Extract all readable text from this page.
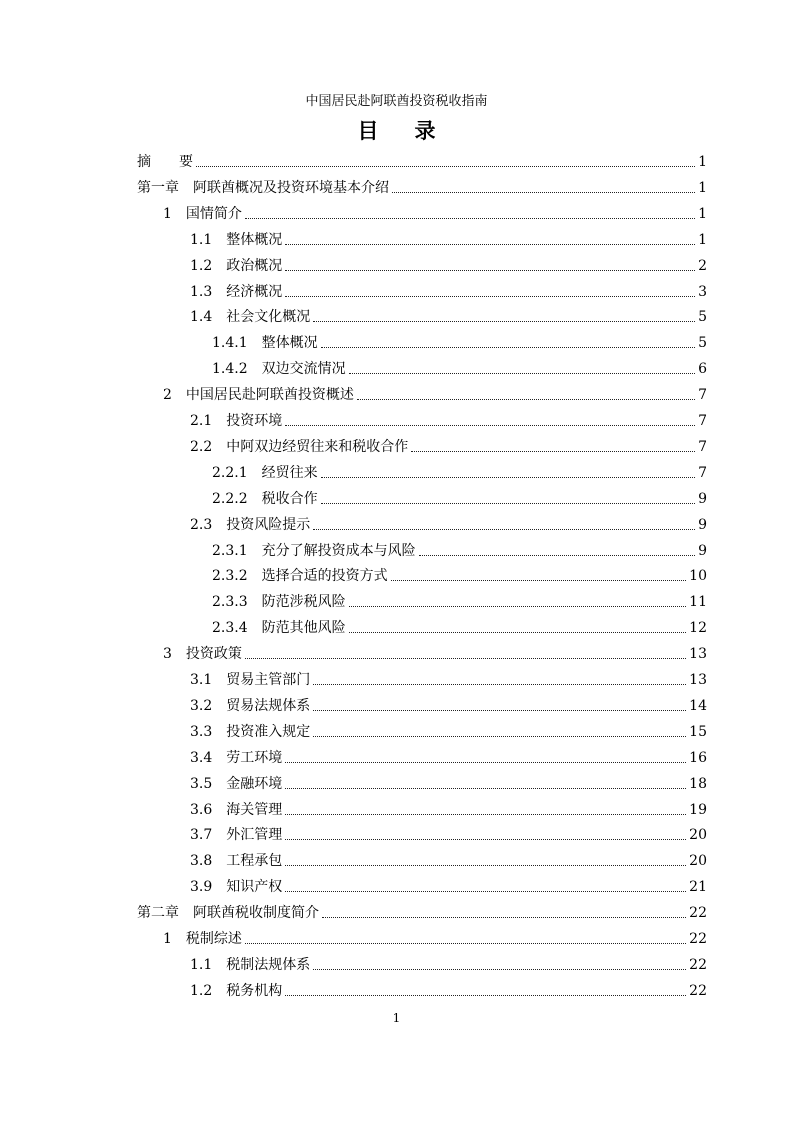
中国居民赴阿联酋投资税收指南
目 录
摘　　要	1
第一章　 阿联酋概况及投资环境基本介绍	1
1　 国情简介	1
1.1　 整体概况	1
1.2　 政治概况	2
1.3　 经济概况	3
1.4　 社会文化概况	5
1.4.1　 整体概况	5
1.4.2　 双边交流情况	6
2　 中国居民赴阿联酋投资概述	7
2.1　 投资环境	7
2.2　 中阿双边经贸往来和税收合作	7
2.2.1　 经贸往来	7
2.2.2　 税收合作	9
2.3　 投资风险提示	9
2.3.1　 充分了解投资成本与风险	9
2.3.2　 选择合适的投资方式	10
2.3.3　 防范涉税风险	11
2.3.4　 防范其他风险	12
3　 投资政策	13
3.1　 贸易主管部门	13
3.2　 贸易法规体系	14
3.3　 投资准入规定	15
3.4　 劳工环境	16
3.5　 金融环境	18
3.6　 海关管理	19
3.7　 外汇管理	20
3.8　 工程承包	20
3.9　 知识产权	21
第二章　 阿联酋税收制度简介	22
1　 税制综述	22
1.1　 税制法规体系	22
1.2　 税务机构	22
1
